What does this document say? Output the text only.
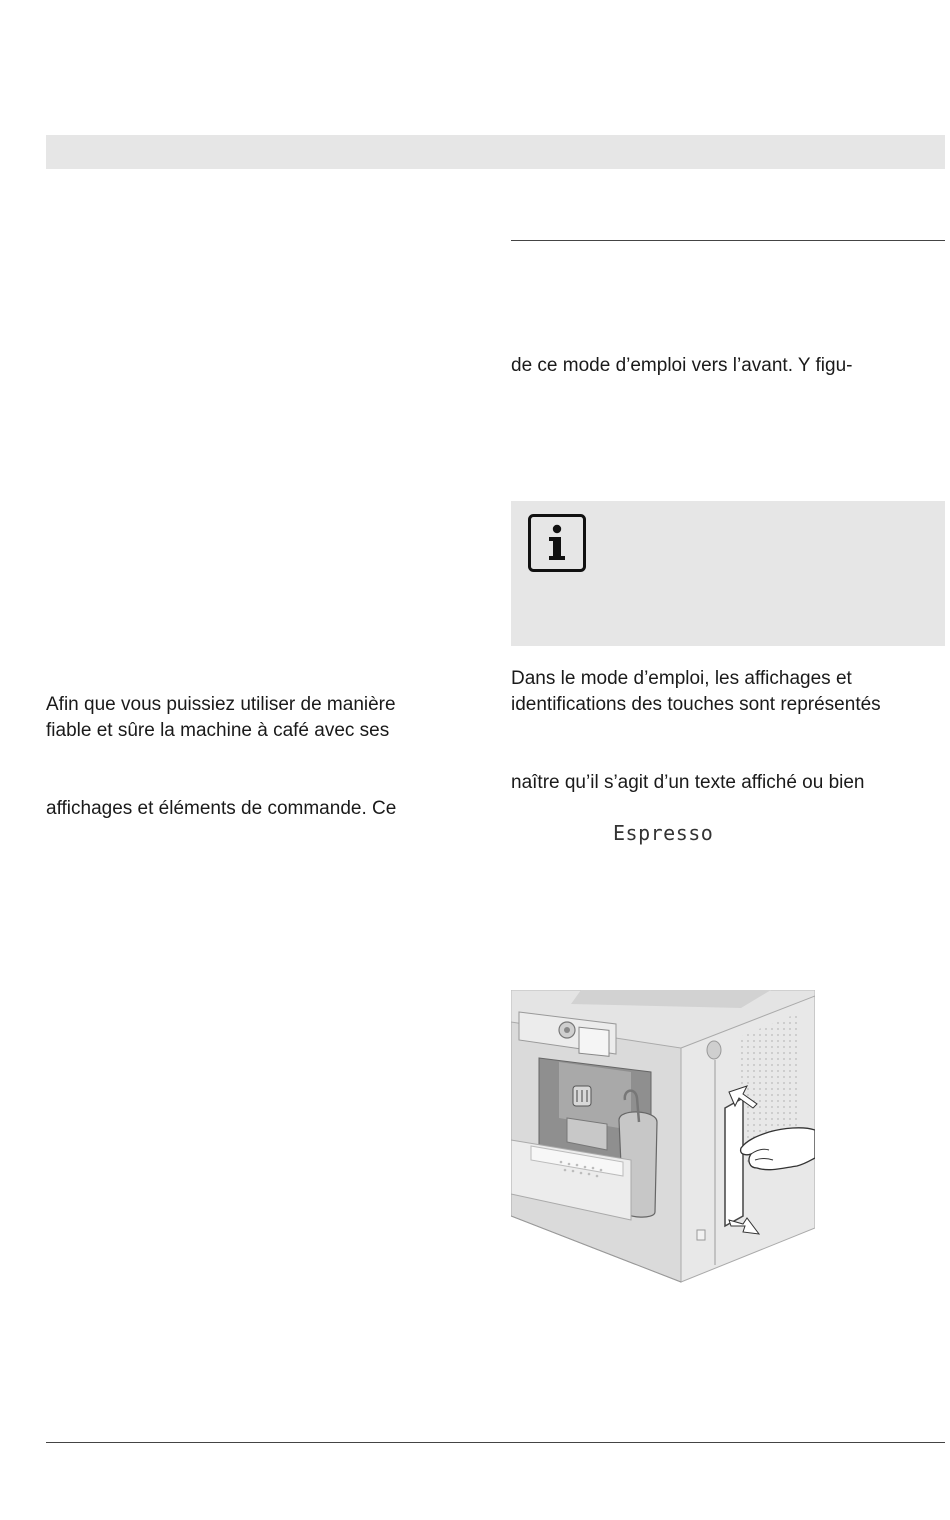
Afin que vous puissiez utiliser de manière
fiable et sûre la machine à café avec ses
affichages et éléments de commande. Ce
de ce mode d’emploi vers l’avant. Y figu-
Dans le mode d’emploi, les affichages et
identifications des touches sont représentés
naître qu’il s’agit d’un texte affiché ou bien
Espresso
